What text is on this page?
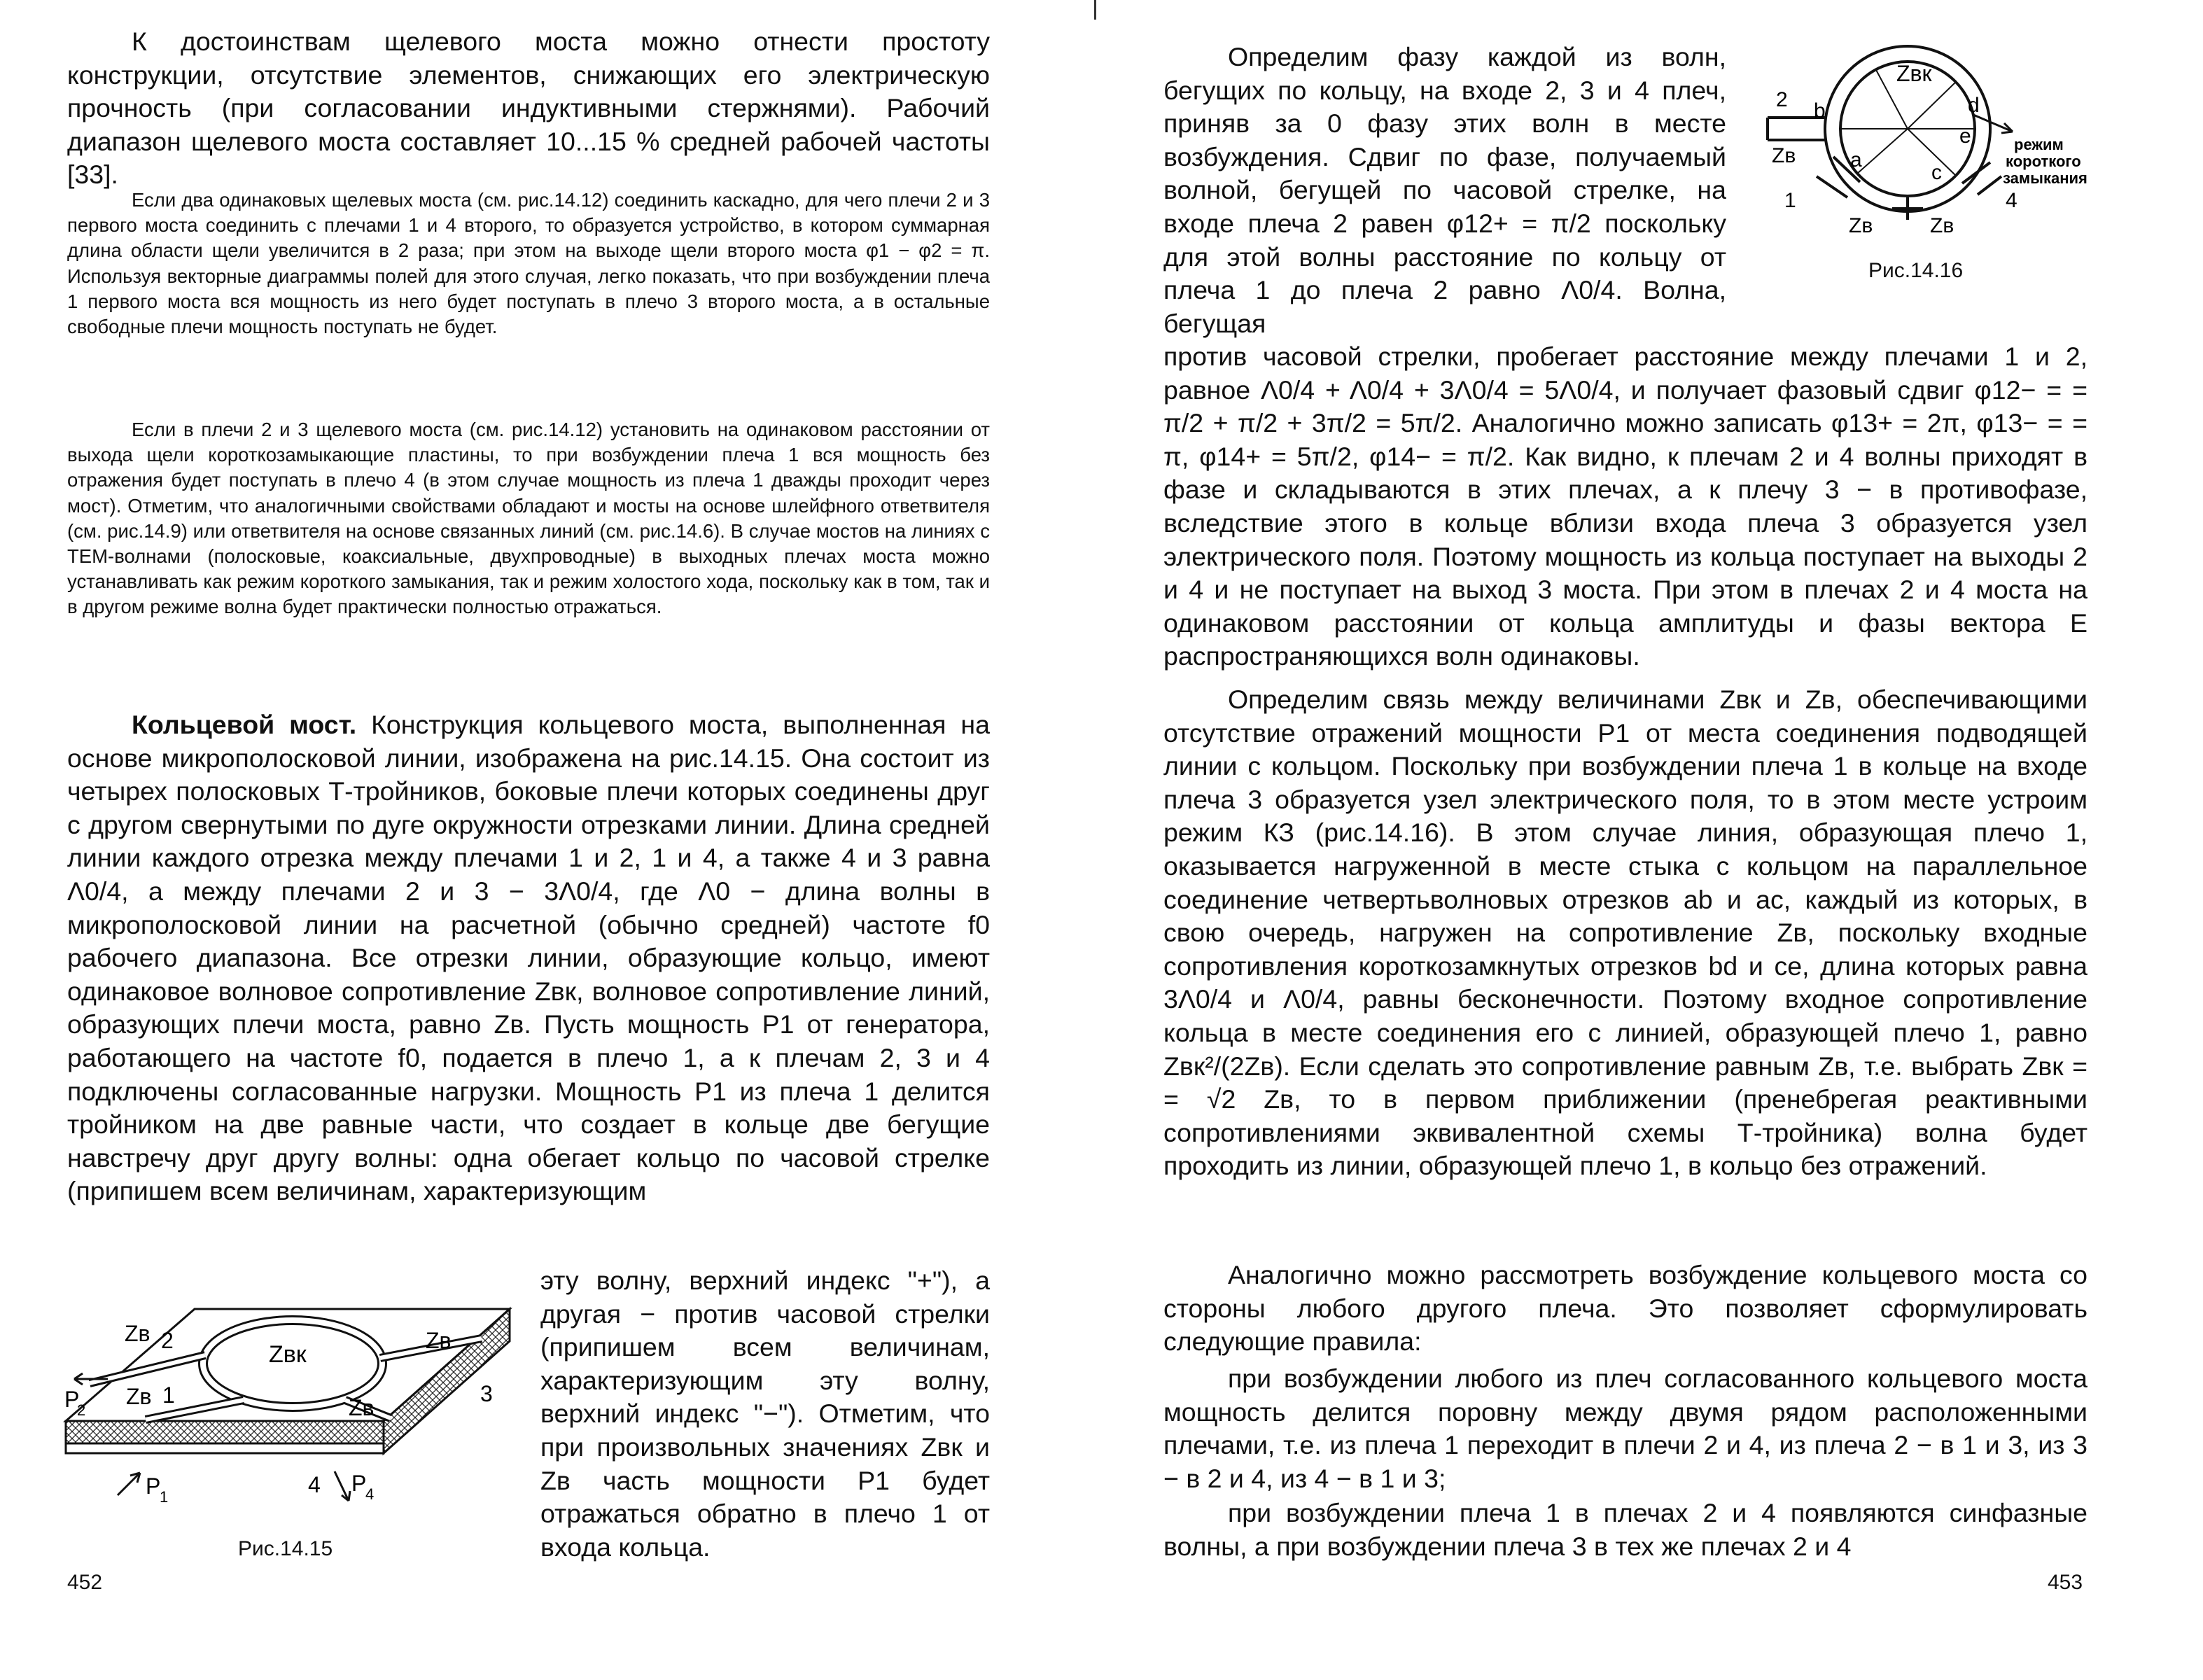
К достоинствам щелевого моста можно отнести простоту конструкции, отсутствие элементов, снижающих его электрическую прочность (при согласовании индуктивными стержнями). Рабочий диапазон щелевого моста составляет 10...15 % средней рабочей частоты [33].

Если два одинаковых щелевых моста (см. рис.14.12) соединить каскадно, для чего плечи 2 и 3 первого моста соединить с плечами 1 и 4 второго, то образуется устройство, в котором суммарная длина области щели увеличится в 2 раза; при этом на выходе щели второго моста φ1 − φ2 = π. Используя векторные диаграммы полей для этого случая, легко показать, что при возбуждении плеча 1 первого моста вся мощность из него будет поступать в плечо 3 второго моста, а в остальные свободные плечи мощность поступать не будет.

Если в плечи 2 и 3 щелевого моста (см. рис.14.12) установить на одинаковом расстоянии от выхода щели короткозамыкающие пластины, то при возбуждении плеча 1 вся мощность без отражения будет поступать в плечо 4 (в этом случае мощность из плеча 1 дважды проходит через мост). Отметим, что аналогичными свойствами обладают и мосты на основе шлейфного ответвителя (см. рис.14.9) или ответвителя на основе связанных линий (см. рис.14.6). В случае мостов на линиях с ТЕМ-волнами (полосковые, коаксиальные, двухпроводные) в выходных плечах моста можно устанавливать как режим короткого замыкания, так и режим холостого хода, поскольку как в том, так и в другом режиме волна будет практически полностью отражаться.

Кольцевой мост. Конструкция кольцевого моста, выполненная на основе микрополосковой линии, изображена на рис.14.15. Она состоит из четырех полосковых Т-тройников, боковые плечи которых соединены друг с другом свернутыми по дуге окружности отрезками линии. Длина средней линии каждого отрезка между плечами 1 и 2, 1 и 4, а также 4 и 3 равна Λ0/4, а между плечами 2 и 3 − 3Λ0/4, где Λ0 − длина волны в микрополосковой линии на расчетной (обычно средней) частоте f0 рабочего диапазона. Все отрезки линии, образующие кольцо, имеют одинаковое волновое сопротивление Zвк, волновое сопротивление линий, образующих плечи моста, равно Zв. Пусть мощность P1 от генератора, работающего на частоте f0, подается в плечо 1, а к плечам 2, 3 и 4 подключены согласованные нагрузки. Мощность P1 из плеча 1 делится тройником на две равные части, что создает в кольце две бегущие навстречу друг другу волны: одна обегает кольцо по часовой стрелке (припишем всем величинам, характеризующим

эту волну, верхний индекс "+"), а другая − против часовой стрелки (припишем всем величинам, характеризующим эту волну, верхний индекс "−"). Отметим, что при произвольных значениях Zвк и Zв часть мощности P1 будет отражаться обратно в плечо 1 от входа кольца.

Zв 2
Zвк
Zв
Zв 1	Zв
3
P
2
P
1	4 P
4
Рис.14.15
452

Определим фазу каждой из волн, бегущих по кольцу, на входе 2, 3 и 4 плеч, приняв за 0 фазу этих волн в месте возбуждения. Сдвиг по фазе, получаемый волной, бегущей по часовой стрелке, на входе плеча 2 равен φ12+ = π/2 поскольку для этой волны расстояние по кольцу от плеча 1 до плеча 2 равно Λ0/4. Волна, бегущая

против часовой стрелки, пробегает расстояние между плечами 1 и 2, равное Λ0/4 + Λ0/4 + 3Λ0/4 = 5Λ0/4, и получает фазовый сдвиг φ12− = = π/2 + π/2 + 3π/2 = 5π/2. Аналогично можно записать φ13+ = 2π, φ13− = = π, φ14+ = 5π/2, φ14− = π/2. Как видно, к плечам 2 и 4 волны приходят в фазе и складываются в этих плечах, а к плечу 3 − в противофазе, вследствие этого в кольце вблизи входа плеча 3 образуется узел электрического поля. Поэтому мощность из кольца поступает на выходы 2 и 4 и не поступает на выход 3 моста. При этом в плечах 2 и 4 моста на одинаковом расстоянии от кольца амплитуды и фазы вектора E распространяющихся волн одинаковы.

Определим связь между величинами Zвк и Zв, обеспечивающими отсутствие отражений мощности P1 от места соединения подводящей линии с кольцом. Поскольку при возбуждении плеча 1 в кольце на входе плеча 3 образуется узел электрического поля, то в этом месте устроим режим КЗ (рис.14.16). В этом случае линия, образующая плечо 1, оказывается нагруженной в месте стыка с кольцом на параллельное соединение четвертьволновых отрезков ab и ac, каждый из которых, в свою очередь, нагружен на сопротивление Zв, поскольку входные сопротивления короткозамкнутых отрезков bd и ce, длина которых равна 3Λ0/4 и Λ0/4, равны бесконечности. Поэтому входное сопротивление кольца в месте соединения его с линией, образующей плечо 1, равно Zвк²/(2Zв). Если сделать это сопротивление равным Zв, т.е. выбрать Zвк = = √2 Zв, то в первом приближении (пренебрегая реактивными сопротивлениями эквивалентной схемы Т-тройника) волна будет проходить из линии, образующей плечо 1, в кольцо без отражений.

Аналогично можно рассмотреть возбуждение кольцевого моста со стороны любого другого плеча. Это позволяет сформулировать следующие правила:

при возбуждении любого из плеч согласованного кольцевого моста мощность делится поровну между двумя рядом расположенными плечами, т.е. из плеча 1 переходит в плечи 2 и 4, из плеча 2 − в 1 и 3, из 3 − в 2 и 4, из 4 − в 1 и 3;

при возбуждении плеча 1 в плечах 2 и 4 появляются синфазные волны, а при возбуждении плеча 3 в тех же плечах 2 и 4

Zвк
2 b	d
e
Zв	a
c
1
Zв	Zв
4
режим
короткого
замыкания
Рис.14.16
453
